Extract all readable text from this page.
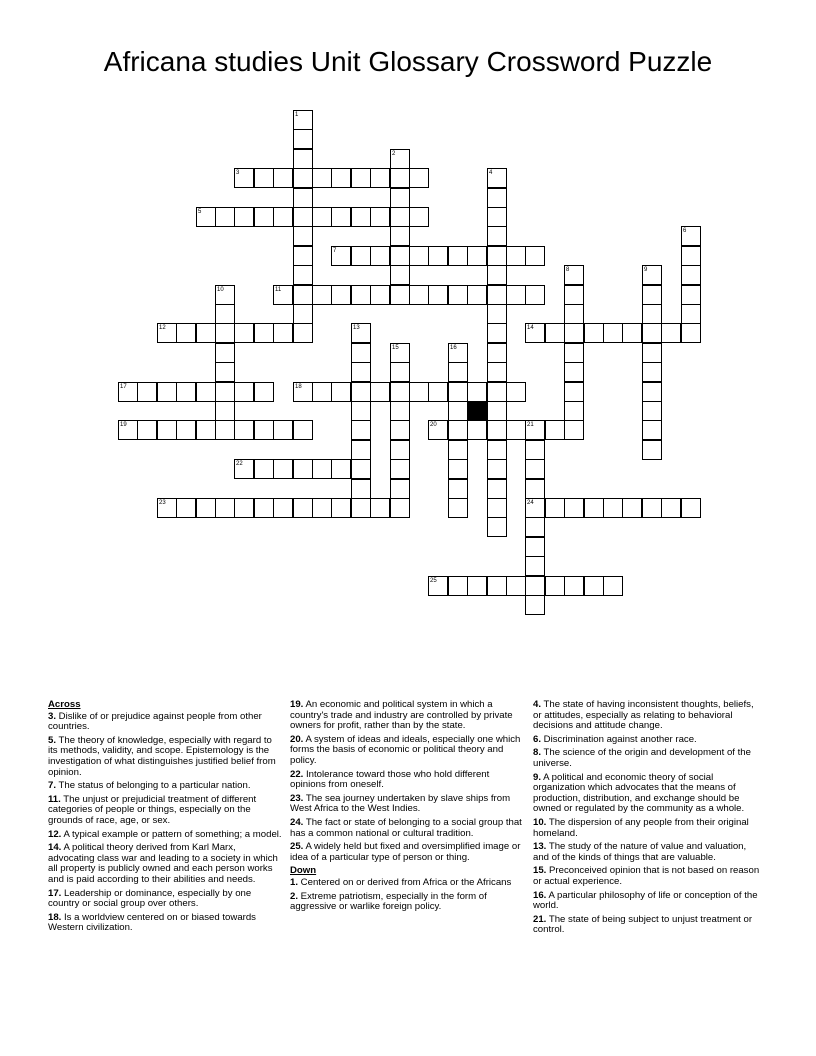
Africana studies Unit Glossary Crossword Puzzle
1
2
3	4
5
6
7
8	9
10	11
12	13	14
15	16
17	18
19	20	21
24
22
23
25
Across

3. Dislike of or prejudice against people from other countries.

5. The theory of knowledge, especially with regard to its methods, validity, and scope. Epistemology is the investigation of what distinguishes justified belief from opinion.

7. The status of belonging to a particular nation.

11. The unjust or prejudicial treatment of different categories of people or things, especially on the grounds of race, age, or sex.

12. A typical example or pattern of something; a model.

14. A political theory derived from Karl Marx, advocating class war and leading to a society in which all property is publicly owned and each person works and is paid according to their abilities and needs.

17. Leadership or dominance, especially by one country or social group over others.

18. Is a worldview centered on or biased towards Western civilization.

19. An economic and political system in which a country's trade and industry are controlled by private owners for profit, rather than by the state.

20. A system of ideas and ideals, especially one which forms the basis of economic or political theory and policy.

22. Intolerance toward those who hold different opinions from oneself.

23. The sea journey undertaken by slave ships from West Africa to the West Indies.

24. The fact or state of belonging to a social group that has a common national or cultural tradition.

25. A widely held but fixed and oversimplified image or idea of a particular type of person or thing.

Down

1. Centered on or derived from Africa or the Africans

2. Extreme patriotism, especially in the form of aggressive or warlike foreign policy.

4. The state of having inconsistent thoughts, beliefs, or attitudes, especially as relating to behavioral decisions and attitude change.

6. Discrimination against another race.

8. The science of the origin and development of the universe.

9. A political and economic theory of social organization which advocates that the means of production, distribution, and exchange should be owned or regulated by the community as a whole.

10. The dispersion of any people from their original homeland.

13. The study of the nature of value and valuation, and of the kinds of things that are valuable.

15. Preconceived opinion that is not based on reason or actual experience.

16. A particular philosophy of life or conception of the world.

21. The state of being subject to unjust treatment or control.
